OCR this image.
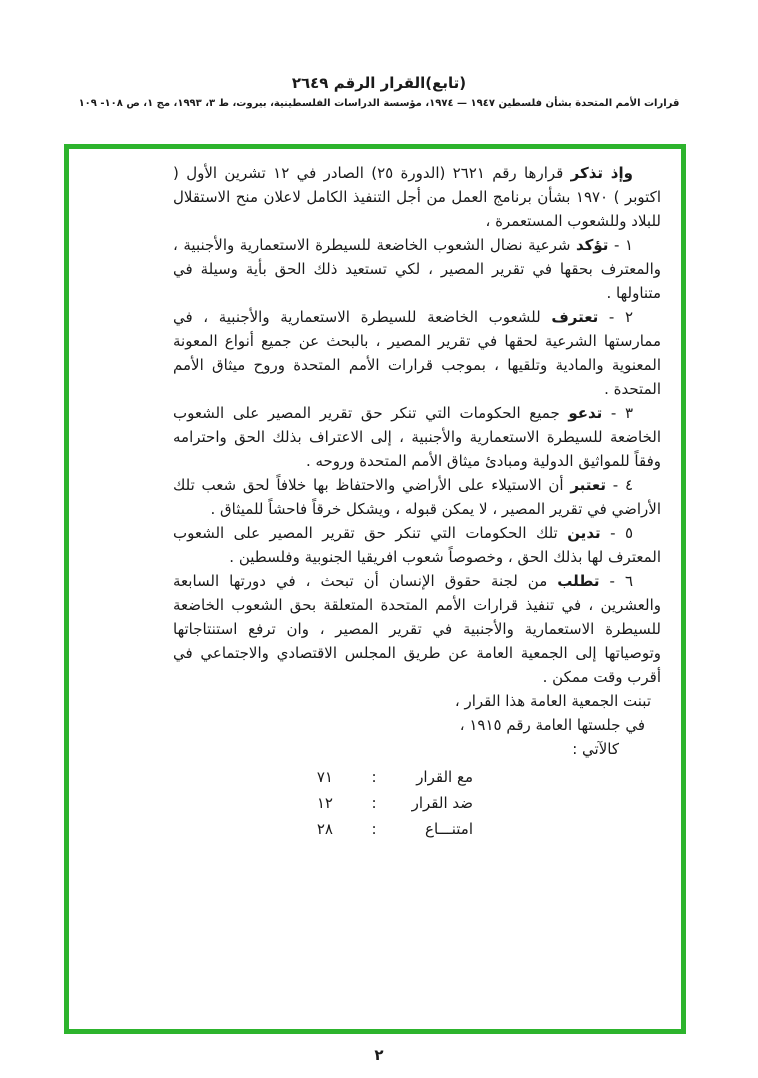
(تابع)القرار الرقم ٢٦٤٩
قرارات الأمم المتحدة بشأن فلسطين ١٩٤٧ — ١٩٧٤، مؤسسة الدراسات الفلسطينية، بيروت، ط ٣، ١٩٩٣، مج ١، ص ١٠٨- ١٠٩

وإذ تذكر قرارها رقم ٢٦٢١ (الدورة ٢٥) الصادر في ١٢ تشرين الأول ( اكتوبر ) ١٩٧٠ بشأن برنامج العمل من أجل التنفيذ الكامل لاعلان منح الاستقلال للبلاد وللشعوب المستعمرة ،

١ - تؤكد شرعية نضال الشعوب الخاضعة للسيطرة الاستعمارية والأجنبية ، والمعترف بحقها في تقرير المصير ، لكي تستعيد ذلك الحق بأية وسيلة في متناولها .

٢ - تعترف للشعوب الخاضعة للسيطرة الاستعمارية والأجنبية ، في ممارستها الشرعية لحقها في تقرير المصير ، بالبحث عن جميع أنواع المعونة المعنوية والمادية وتلقيها ، بموجب قرارات الأمم المتحدة وروح ميثاق الأمم المتحدة .

٣ - تدعو جميع الحكومات التي تنكر حق تقرير المصير على الشعوب الخاضعة للسيطرة الاستعمارية والأجنبية ، إلى الاعتراف بذلك الحق واحترامه وفقاً للمواثيق الدولية ومبادئ ميثاق الأمم المتحدة وروحه .

٤ - تعتبر أن الاستيلاء على الأراضي والاحتفاظ بها خلافاً لحق شعب تلك الأراضي في تقرير المصير ، لا يمكن قبوله ، ويشكل خرقاً فاحشاً للميثاق .

٥ - تدين تلك الحكومات التي تنكر حق تقرير المصير على الشعوب المعترف لها بذلك الحق ، وخصوصاً شعوب افريقيا الجنوبية وفلسطين .

٦ - تطلب من لجنة حقوق الإنسان أن تبحث ، في دورتها السابعة والعشرين ، في تنفيذ قرارات الأمم المتحدة المتعلقة بحق الشعوب الخاضعة للسيطرة الاستعمارية والأجنبية في تقرير المصير ، وان ترفع استنتاجاتها وتوصياتها إلى الجمعية العامة عن طريق المجلس الاقتصادي والاجتماعي في أقرب وقت ممكن .

تبنت الجمعية العامة هذا القرار ،

في جلستها العامة رقم ١٩١٥ ،

كالآتي :

مع القرار
:
٧١
ضد القرار
:
١٢
امتنـــاع
:
٢٨
٢
